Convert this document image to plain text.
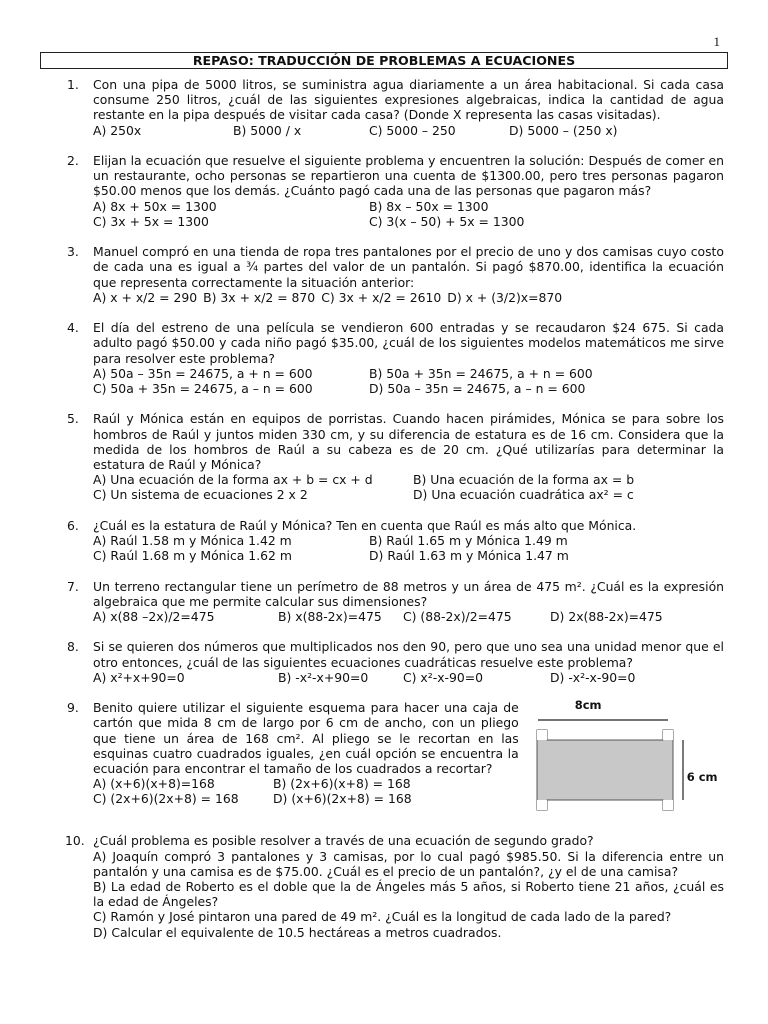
1
REPASO: TRADUCCIÓN DE PROBLEMAS A ECUACIONES
1. Con una pipa de 5000 litros, se suministra agua diariamente a un área habitacional. Si cada casa consume 250 litros, ¿cuál de las siguientes expresiones algebraicas, indica la cantidad de agua restante en la pipa después de visitar cada casa? (Donde X representa las casas visitadas).

A) 250x	B) 5000 / x	C) 5000 – 250	D) 5000 – (250 x)
2. Elijan la ecuación que resuelve el siguiente problema y encuentren la solución: Después de comer en un restaurante, ocho personas se repartieron una cuenta de $1300.00, pero tres personas pagaron $50.00 menos que los demás. ¿Cuánto pagó cada una de las personas que pagaron más?

A) 8x + 50x = 1300	B) 8x – 50x = 1300
C) 3x + 5x = 1300	C) 3(x – 50) + 5x = 1300
3. Manuel compró en una tienda de ropa tres pantalones por el precio de uno y dos camisas cuyo costo de cada una es igual a ¾ partes del valor de un pantalón. Si pagó $870.00, identifica la ecuación que representa correctamente la situación anterior:

A) x + x/2 = 290 B) 3x + x/2 = 870 C) 3x + x/2 = 2610 D) x + (3/2)x=870
4. El día del estreno de una película se vendieron 600 entradas y se recaudaron $24 675. Si cada adulto pagó $50.00 y cada niño pagó $35.00, ¿cuál de los siguientes modelos matemáticos me sirve para resolver este problema?

A) 50a – 35n = 24675, a + n = 600	B) 50a + 35n = 24675, a + n = 600
C) 50a + 35n = 24675, a – n = 600	D) 50a – 35n = 24675, a – n = 600
5. Raúl y Mónica están en equipos de porristas. Cuando hacen pirámides, Mónica se para sobre los hombros de Raúl y juntos miden 330 cm, y su diferencia de estatura es de 16 cm. Considera que la medida de los hombros de Raúl a su cabeza es de 20 cm. ¿Qué utilizarías para determinar la estatura de Raúl y Mónica?

A) Una ecuación de la forma ax + b = cx + d	B) Una ecuación de la forma ax = b
C) Un sistema de ecuaciones 2 x 2	D) Una ecuación cuadrática ax² = c
6. ¿Cuál es la estatura de Raúl y Mónica? Ten en cuenta que Raúl es más alto que Mónica.

A) Raúl 1.58 m y Mónica 1.42 m	B) Raúl 1.65 m y Mónica 1.49 m
C) Raúl 1.68 m y Mónica 1.62 m	D) Raúl 1.63 m y Mónica 1.47 m
7. Un terreno rectangular tiene un perímetro de 88 metros y un área de 475 m². ¿Cuál es la expresión algebraica que me permite calcular sus dimensiones?

A) x(88 –2x)/2=475	B) x(88-2x)=475	C) (88-2x)/2=475	D) 2x(88-2x)=475
8. Si se quieren dos números que multiplicados nos den 90, pero que uno sea una unidad menor que el otro entonces, ¿cuál de las siguientes ecuaciones cuadráticas resuelve este problema?

A) x²+x+90=0	B) -x²-x+90=0	C) x²-x-90=0	D) -x²-x-90=0
9. Benito quiere utilizar el siguiente esquema para hacer una caja de cartón que mida 8 cm de largo por 6 cm de ancho, con un pliego que tiene un área de 168 cm². Al pliego se le recortan en las esquinas cuatro cuadrados iguales, ¿en cuál opción se encuentra la ecuación para encontrar el tamaño de los cuadrados a recortar?

A) (x+6)(x+8)=168	B) (2x+6)(x+8) = 168
C) (2x+6)(2x+8) = 168	D) (x+6)(2x+8) = 168
8cm
6 cm
10. ¿Cuál problema es posible resolver a través de una ecuación de segundo grado?

A) Joaquín compró 3 pantalones y 3 camisas, por lo cual pagó $985.50. Si la diferencia entre un pantalón y una camisa es de $75.00. ¿Cuál es el precio de un pantalón?, ¿y el de una camisa?

B) La edad de Roberto es el doble que la de Ángeles más 5 años, si Roberto tiene 21 años, ¿cuál es la edad de Ángeles?

C) Ramón y José pintaron una pared de 49 m². ¿Cuál es la longitud de cada lado de la pared?

D) Calcular el equivalente de 10.5 hectáreas a metros cuadrados.
